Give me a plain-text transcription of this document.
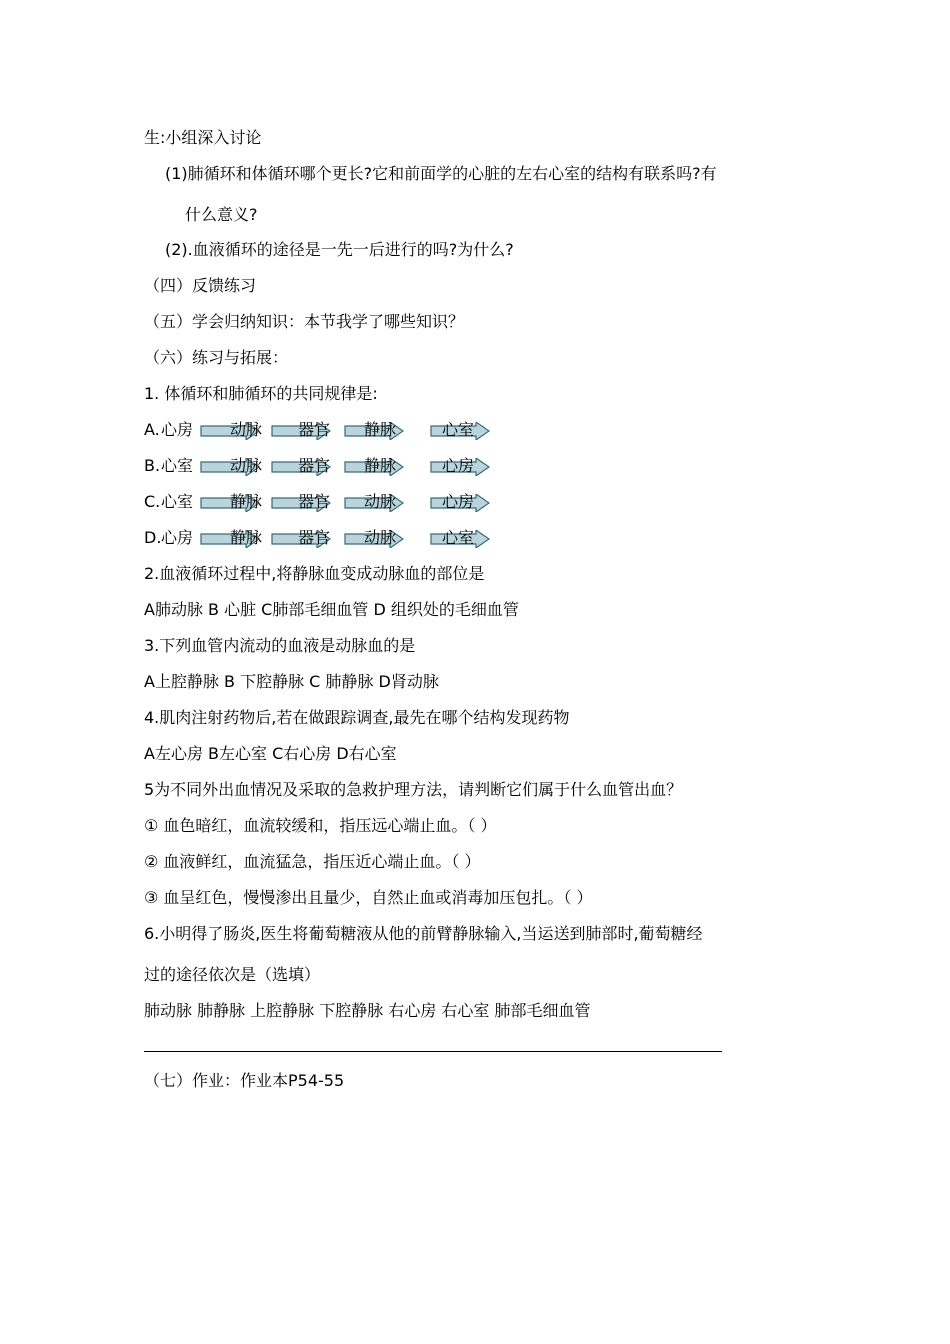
生:小组深入讨论
(1)肺循环和体循环哪个更长?它和前面学的心脏的左右心室的结构有联系吗?有
什么意义?
(2).血液循环的途径是一先一后进行的吗?为什么?
（四）反馈练习
（五）学会归纳知识：本节我学了哪些知识？
（六）练习与拓展：
1. 体循环和肺循环的共同规律是:
A. 心房 动脉 器官 静脉	心室
B. 心室 动脉 器官 静脉	心房
C. 心室 静脉 器官 动脉	心房
D. 心房 静脉 器官 动脉	心室
2.血液循环过程中,将静脉血变成动脉血的部位是
A肺动脉 B 心脏 C肺部毛细血管 D 组织处的毛细血管
3.下列血管内流动的血液是动脉血的是
A上腔静脉 B 下腔静脉 C 肺静脉 D肾动脉
4.肌肉注射药物后,若在做跟踪调查,最先在哪个结构发现药物
A左心房 B左心室 C右心房 D右心室
5为不同外出血情况及采取的急救护理方法，请判断它们属于什么血管出血？
① 血色暗红，血流较缓和，指压远心端止血。（ ）
② 血液鲜红，血流猛急，指压近心端止血。（ ）
③ 血呈红色，慢慢渗出且量少，自然止血或消毒加压包扎。（ ）
6.小明得了肠炎,医生将葡萄糖液从他的前臂静脉输入,当运送到肺部时,葡萄糖经
过的途径依次是（选填）
肺动脉 肺静脉 上腔静脉 下腔静脉 右心房 右心室 肺部毛细血管
（七）作业：作业本P54-55
